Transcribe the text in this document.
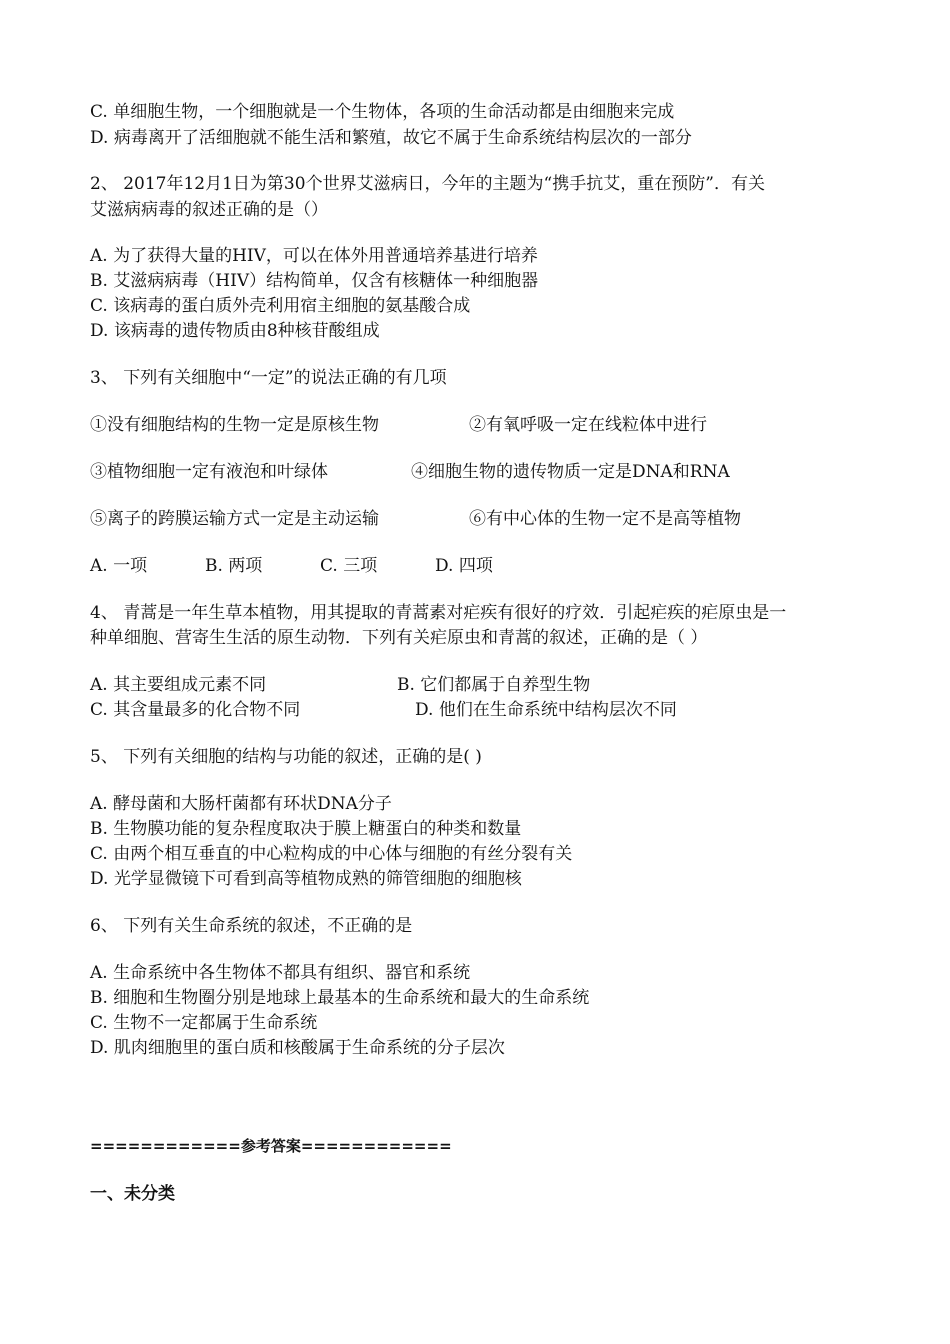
C. 单细胞生物，一个细胞就是一个生物体，各项的生命活动都是由细胞来完成
D. 病毒离开了活细胞就不能生活和繁殖，故它不属于生命系统结构层次的一部分
2、 2017年12月1日为第30个世界艾滋病日，今年的主题为“携手抗艾，重在预防”．有关
艾滋病病毒的叙述正确的是（）
A. 为了获得大量的HIV，可以在体外用普通培养基进行培养
B. 艾滋病病毒（HIV）结构简单，仅含有核糖体一种细胞器
C. 该病毒的蛋白质外壳利用宿主细胞的氨基酸合成
D. 该病毒的遗传物质由8种核苷酸组成
3、 下列有关细胞中“一定”的说法正确的有几项
①没有细胞结构的生物一定是原核生物	②有氧呼吸一定在线粒体中进行
③植物细胞一定有液泡和叶绿体	④细胞生物的遗传物质一定是DNA和RNA
⑤离子的跨膜运输方式一定是主动运输	⑥有中心体的生物一定不是高等植物
A. 一项	B. 两项	C. 三项	D. 四项
4、 青蒿是一年生草本植物，用其提取的青蒿素对疟疾有很好的疗效．引起疟疾的疟原虫是一
种单细胞、营寄生生活的原生动物．下列有关疟原虫和青蒿的叙述，正确的是（ ）
A. 其主要组成元素不同	B. 它们都属于自养型生物
C. 其含量最多的化合物不同	D. 他们在生命系统中结构层次不同
5、 下列有关细胞的结构与功能的叙述，正确的是( )
A. 酵母菌和大肠杆菌都有环状DNA分子
B. 生物膜功能的复杂程度取决于膜上糖蛋白的种类和数量
C. 由两个相互垂直的中心粒构成的中心体与细胞的有丝分裂有关
D. 光学显微镜下可看到高等植物成熟的筛管细胞的细胞核
6、 下列有关生命系统的叙述，不正确的是
A. 生命系统中各生物体不都具有组织、器官和系统
B. 细胞和生物圈分别是地球上最基本的生命系统和最大的生命系统
C. 生物不一定都属于生命系统
D. 肌肉细胞里的蛋白质和核酸属于生命系统的分子层次
============参考答案============
一、未分类
